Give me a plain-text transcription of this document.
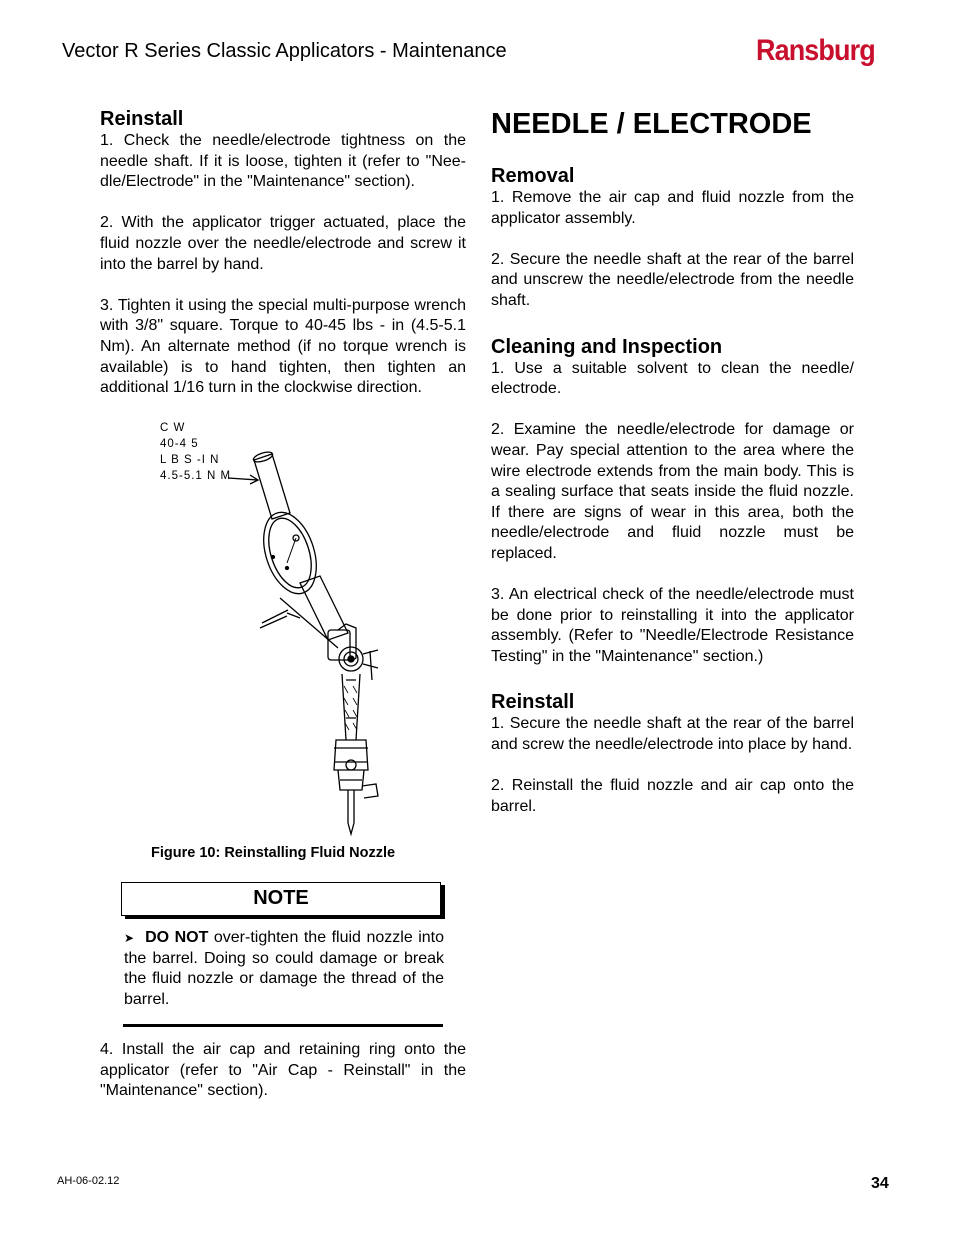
Vector R Series Classic Applicators - Maintenance	Ransburg
Reinstall

1. Check the needle/electrode tightness on the needle shaft. If it is loose, tighten it (refer to "Nee-dle/Electrode" in the "Maintenance" section).

2. With the applicator trigger actuated, place the fluid nozzle over the needle/electrode and screw it into the barrel by hand.

3. Tighten it using the special multi-purpose wrench with 3/8" square. Torque to 40-45 lbs - in (4.5-5.1 Nm). An alternate method (if no torque wrench is available) is to hand tighten, then tighten an additional 1/16 turn in the clockwise direction.

C W
40-4 5
L B S -I N
4.5-5.1 N M
Figure 10: Reinstalling Fluid Nozzle
NOTE

➤ DO NOT over-tighten the fluid nozzle into the barrel. Doing so could damage or break the fluid nozzle or damage the thread of the barrel.

4. Install the air cap and retaining ring onto the applicator (refer to "Air Cap - Reinstall" in the "Maintenance" section).

NEEDLE / ELECTRODE
Removal

1. Remove the air cap and fluid nozzle from the applicator assembly.

2. Secure the needle shaft at the rear of the barrel and unscrew the needle/electrode from the needle shaft.

Cleaning and Inspection

1. Use a suitable solvent to clean the needle/ electrode.

2. Examine the needle/electrode for damage or wear. Pay special attention to the area where the wire electrode extends from the main body. This is a sealing surface that seats inside the fluid nozzle. If there are signs of wear in this area, both the needle/electrode and fluid nozzle must be replaced.

3. An electrical check of the needle/electrode must be done prior to reinstalling it into the applicator assembly. (Refer to "Needle/Electrode Resistance Testing" in the "Maintenance" section.)

Reinstall

1. Secure the needle shaft at the rear of the barrel and screw the needle/electrode into place by hand.

2. Reinstall the fluid nozzle and air cap onto the barrel.

AH-06-02.12	34
